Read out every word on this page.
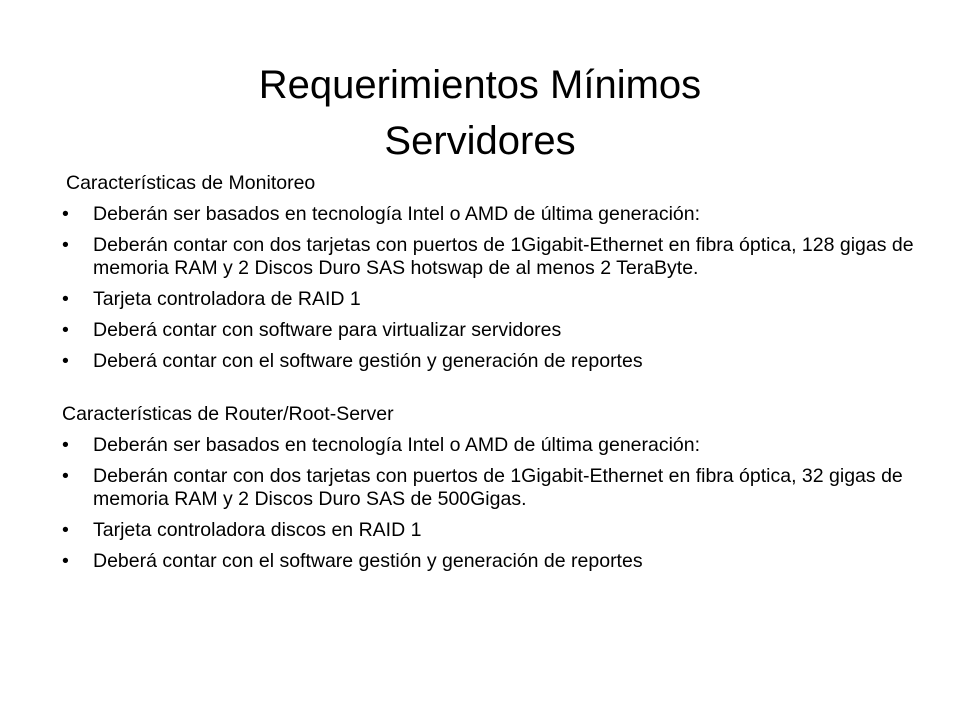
Requerimientos Mínimos
Servidores

Características de Monitoreo

•	Deberán ser basados en tecnología Intel o AMD de última generación:
•	Deberán contar con dos tarjetas con puertos de 1Gigabit-Ethernet en fibra óptica, 128 gigas de memoria RAM y 2 Discos Duro SAS hotswap de al menos 2 TeraByte.
•	Tarjeta controladora de RAID 1
•	Deberá contar con software para virtualizar servidores
•	Deberá contar con el software gestión y generación de reportes

Características de Router/Root-Server

•	Deberán ser basados en tecnología Intel o AMD de última generación:
•	Deberán contar con dos tarjetas con puertos de 1Gigabit-Ethernet en fibra óptica, 32 gigas de memoria RAM y 2 Discos Duro SAS de 500Gigas.
•	Tarjeta controladora discos en RAID 1
•	Deberá contar con el software gestión y generación de reportes
